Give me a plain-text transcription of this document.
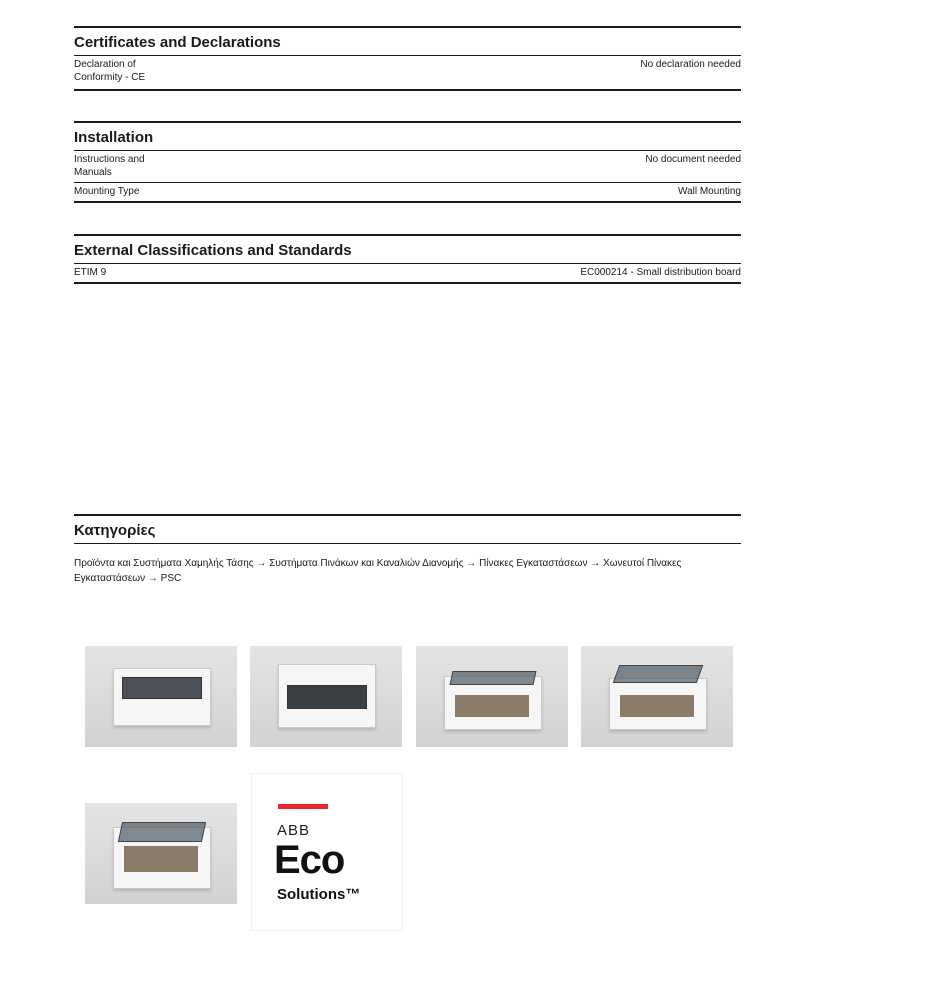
Certificates and Declarations
Declaration of Conformity - CE
No declaration needed
Installation
Instructions and Manuals
No document needed
Mounting Type	Wall Mounting
External Classifications and Standards
ETIM 9	EC000214 - Small distribution board
Κατηγορίες
Προϊόντα και Συστήματα Χαμηλής Τάσης → Συστήματα Πινάκων και Καναλιών Διανομής → Πίνακες Εγκαταστάσεων → Χωνευτοί Πίνακες Εγκαταστάσεων → PSC
ABB
Eco
Solutions™
